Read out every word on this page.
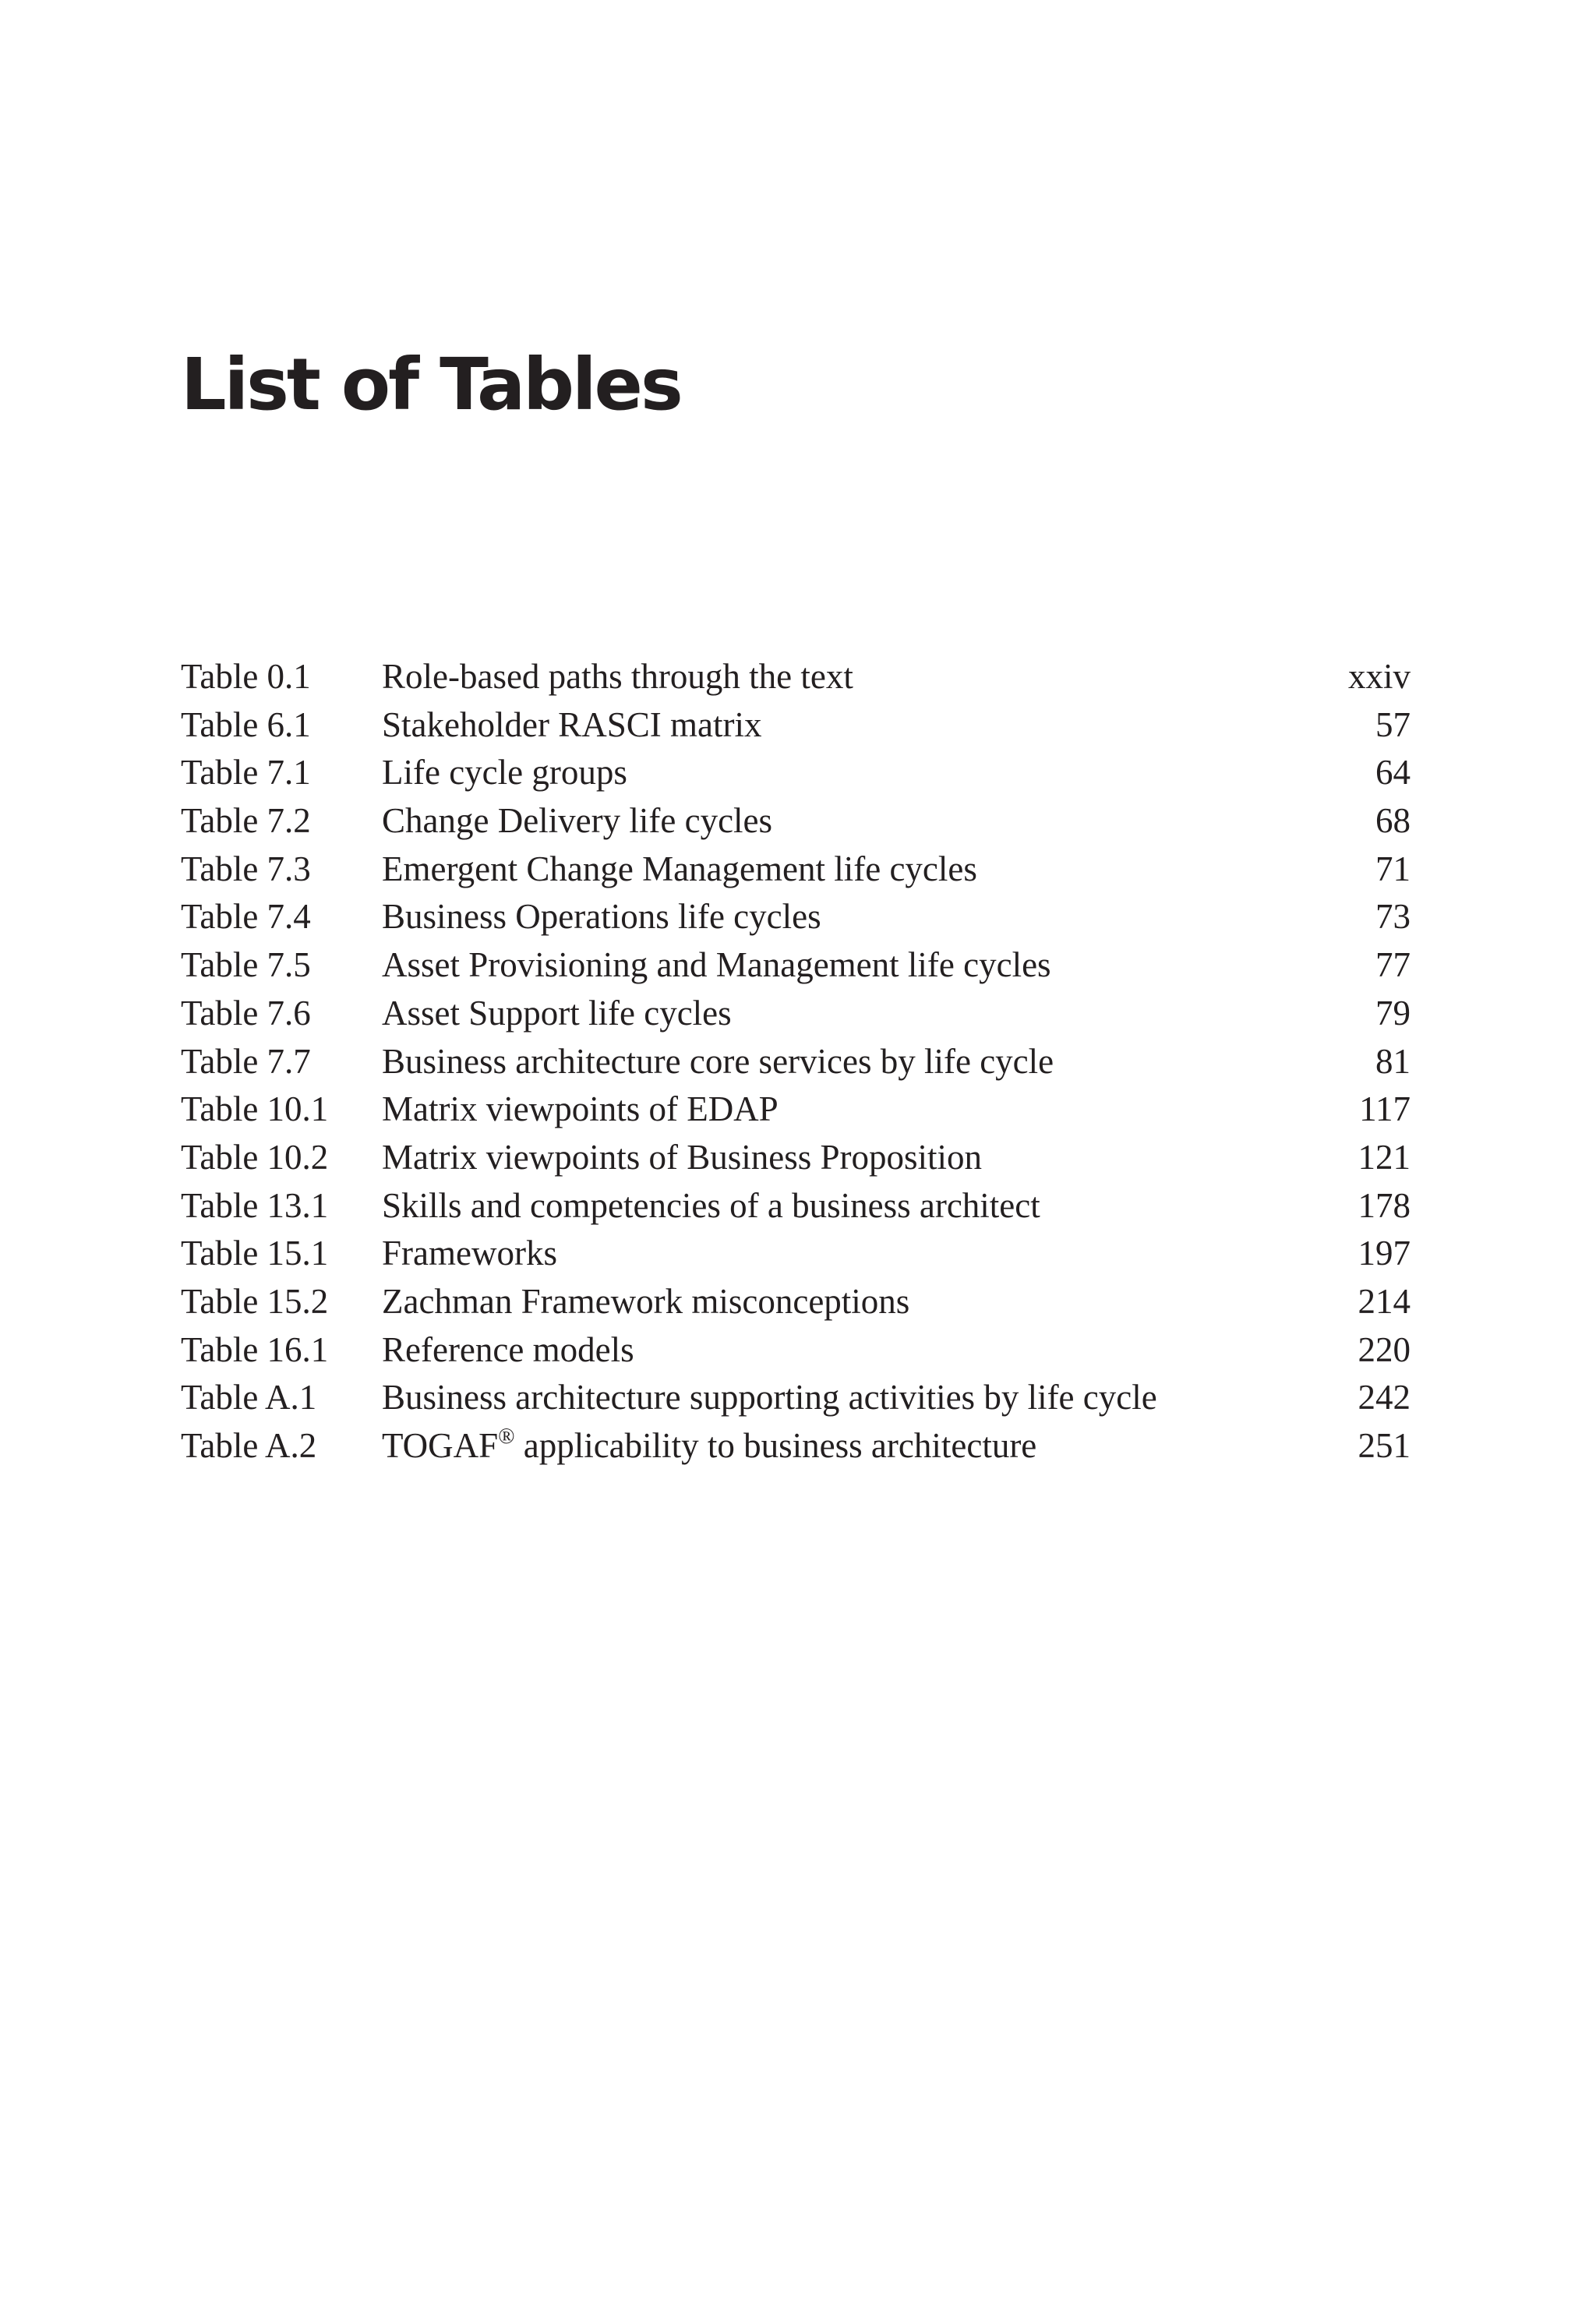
List of Tables
Table 0.1	Role-based paths through the text	xxiv
Table 6.1	Stakeholder RASCI matrix	57
Table 7.1	Life cycle groups	64
Table 7.2	Change Delivery life cycles	68
Table 7.3	Emergent Change Management life cycles	71
Table 7.4	Business Operations life cycles	73
Table 7.5	Asset Provisioning and Management life cycles	77
Table 7.6	Asset Support life cycles	79
Table 7.7	Business architecture core services by life cycle	81
Table 10.1	Matrix viewpoints of EDAP	117
Table 10.2	Matrix viewpoints of Business Proposition	121
Table 13.1	Skills and competencies of a business architect	178
Table 15.1	Frameworks	197
Table 15.2	Zachman Framework misconceptions	214
Table 16.1	Reference models	220
Table A.1	Business architecture supporting activities by life cycle	242
Table A.2	TOGAF® applicability to business architecture	251
